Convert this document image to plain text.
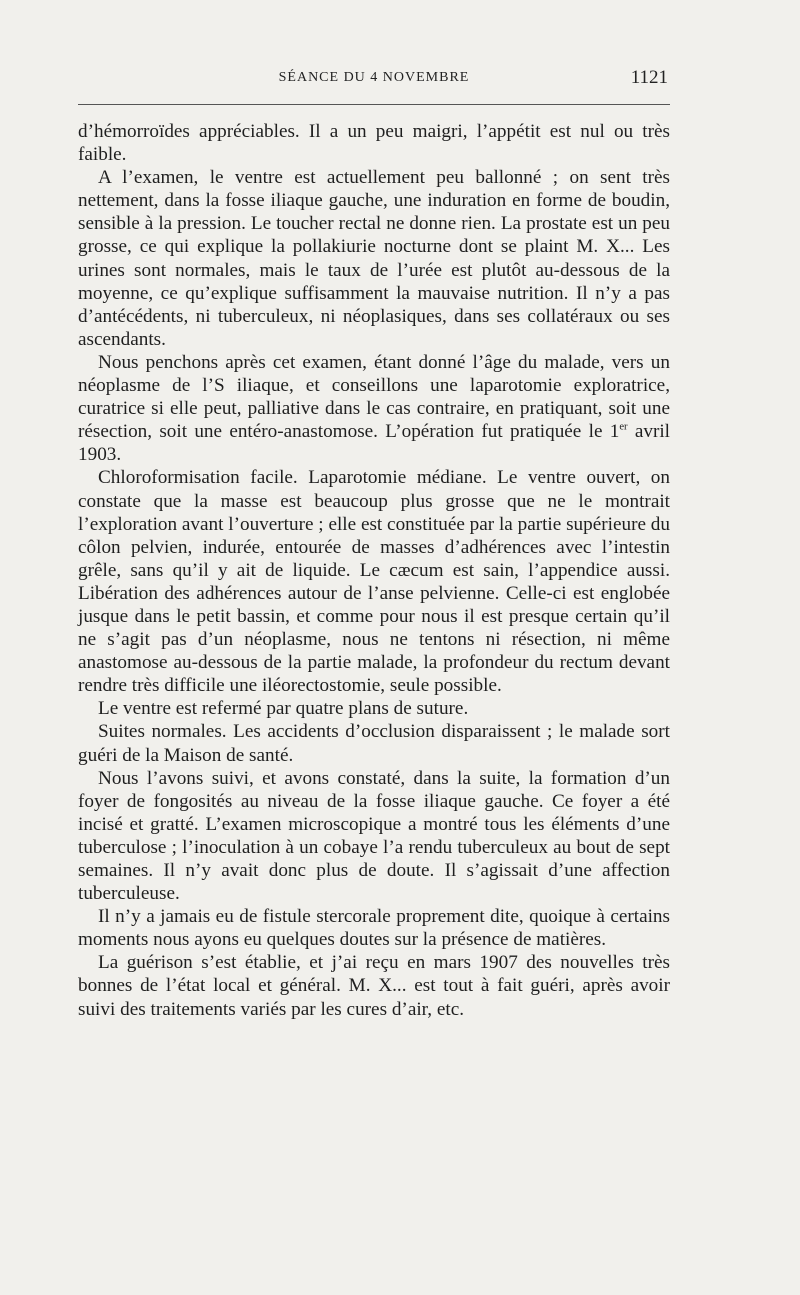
SÉANCE DU 4 NOVEMBRE	1121

d’hémorroïdes appréciables. Il a un peu maigri, l’appétit est nul ou très faible.

A l’examen, le ventre est actuellement peu ballonné ; on sent très nettement, dans la fosse iliaque gauche, une induration en forme de boudin, sensible à la pression. Le toucher rectal ne donne rien. La prostate est un peu grosse, ce qui explique la pollakiurie nocturne dont se plaint M. X... Les urines sont normales, mais le taux de l’urée est plutôt au-dessous de la moyenne, ce qu’explique suffisamment la mauvaise nutrition. Il n’y a pas d’antécédents, ni tuberculeux, ni néoplasiques, dans ses collatéraux ou ses ascendants.

Nous penchons après cet examen, étant donné l’âge du malade, vers un néoplasme de l’S iliaque, et conseillons une laparotomie exploratrice, curatrice si elle peut, palliative dans le cas contraire, en pratiquant, soit une résection, soit une entéro-anastomose. L’opération fut pratiquée le 1er avril 1903.

Chloroformisation facile. Laparotomie médiane. Le ventre ouvert, on constate que la masse est beaucoup plus grosse que ne le montrait l’exploration avant l’ouverture ; elle est constituée par la partie supérieure du côlon pelvien, indurée, entourée de masses d’adhérences avec l’intestin grêle, sans qu’il y ait de liquide. Le cæcum est sain, l’appendice aussi. Libération des adhérences autour de l’anse pelvienne. Celle-ci est englobée jusque dans le petit bassin, et comme pour nous il est presque certain qu’il ne s’agit pas d’un néoplasme, nous ne tentons ni résection, ni même anastomose au-dessous de la partie malade, la profondeur du rectum devant rendre très difficile une iléorectostomie, seule possible.

Le ventre est refermé par quatre plans de suture.

Suites normales. Les accidents d’occlusion disparaissent ; le malade sort guéri de la Maison de santé.

Nous l’avons suivi, et avons constaté, dans la suite, la formation d’un foyer de fongosités au niveau de la fosse iliaque gauche. Ce foyer a été incisé et gratté. L’examen microscopique a montré tous les éléments d’une tuberculose ; l’inoculation à un cobaye l’a rendu tuberculeux au bout de sept semaines. Il n’y avait donc plus de doute. Il s’agissait d’une affection tuberculeuse.

Il n’y a jamais eu de fistule stercorale proprement dite, quoique à certains moments nous ayons eu quelques doutes sur la présence de matières.

La guérison s’est établie, et j’ai reçu en mars 1907 des nouvelles très bonnes de l’état local et général. M. X... est tout à fait guéri, après avoir suivi des traitements variés par les cures d’air, etc.
